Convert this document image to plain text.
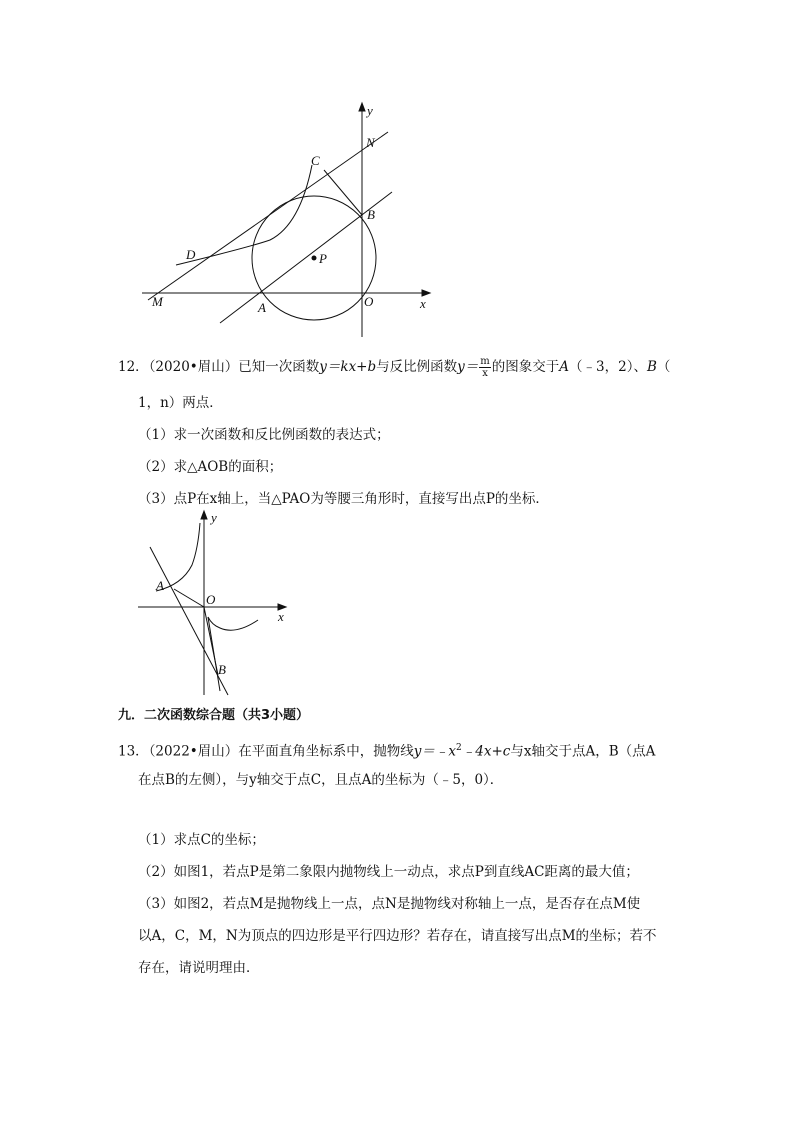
y
N
C
B
D	P
M	O	x
A
12．（2020•眉山）已知一次函数y＝kx+b与反比例函数$y= \frac{m}{x}$ 的图象交于A（﹣3，2）、B（
1，n）两点．
（1）求一次函数和反比例函数的表达式；
（2）求△AOB的面积；
（3）点P在x轴上，当△PAO为等腰三角形时，直接写出点P的坐标．
y
A
O
x
B
九．二次函数综合题（共3小题）
13．（2022•眉山）在平面直角坐标系中，抛物线$y=﹣x^2﹣4x+c$与x轴交于点A，B（点A
在点B的左侧），与y轴交于点C，且点A的坐标为（﹣5，0）．
（1）求点C的坐标；
（2）如图1，若点P是第二象限内抛物线上一动点，求点P到直线AC距离的最大值；
（3）如图2，若点M是抛物线上一点，点N是抛物线对称轴上一点，是否存在点M使
以A，C，M，N为顶点的四边形是平行四边形？若存在，请直接写出点M的坐标；若不
存在，请说明理由．
